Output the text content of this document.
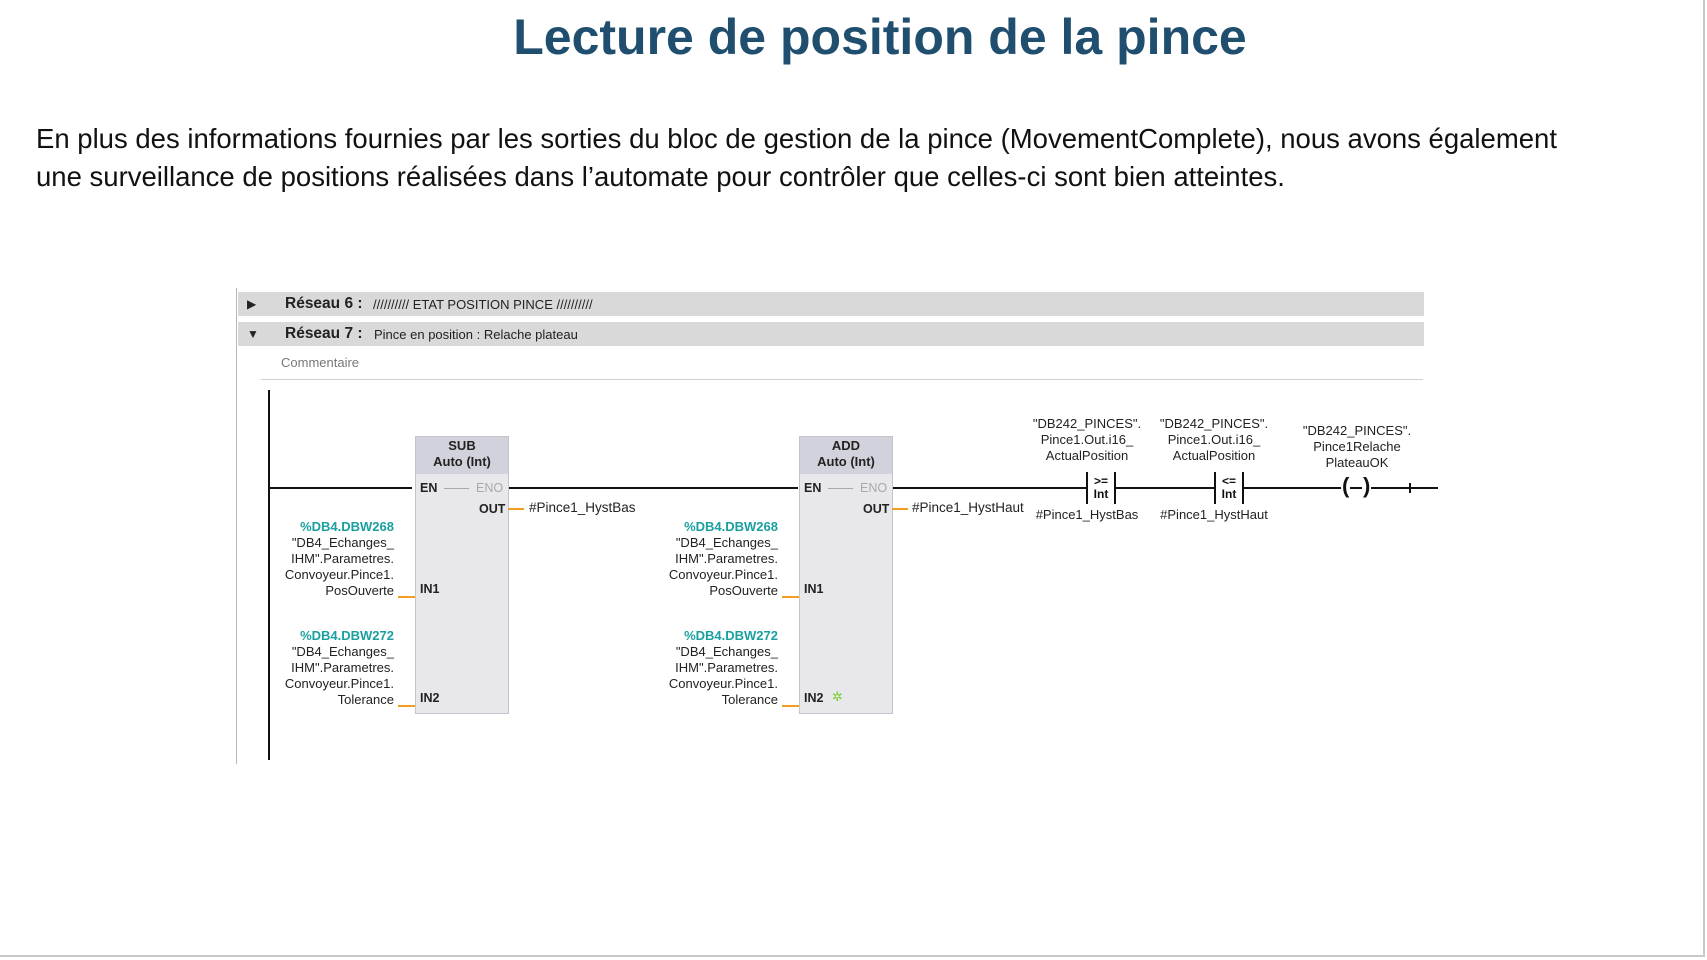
Lecture de position de la pince
En plus des informations fournies par les sorties du bloc de gestion de la pince (MovementComplete), nous avons également
une surveillance de positions réalisées dans l’automate pour contrôler que celles-ci sont bien atteintes.
▶ Réseau 6 : ////////// ETAT POSITION PINCE //////////
▼ Réseau 7 : Pince en position : Relache plateau
Commentaire
SUB
Auto (Int)
EN	ENO
OUT
IN1
IN2
#Pince1_HystBas
%DB4.DBW268
"DB4_Echanges_
IHM".Parametres.
Convoyeur.Pince1.
PosOuverte
%DB4.DBW272
"DB4_Echanges_
IHM".Parametres.
Convoyeur.Pince1.
Tolerance
ADD
Auto (Int)
EN	ENO
OUT
IN1
IN2 ✲
#Pince1_HystHaut
%DB4.DBW268
"DB4_Echanges_
IHM".Parametres.
Convoyeur.Pince1.
PosOuverte
%DB4.DBW272
"DB4_Echanges_
IHM".Parametres.
Convoyeur.Pince1.
Tolerance
"DB242_PINCES".
Pince1.Out.i16_
ActualPosition
>=
Int
#Pince1_HystBas
"DB242_PINCES".
Pince1.Out.i16_
ActualPosition
<=
Int
#Pince1_HystHaut
"DB242_PINCES".
Pince1Relache
PlateauOK
( )
